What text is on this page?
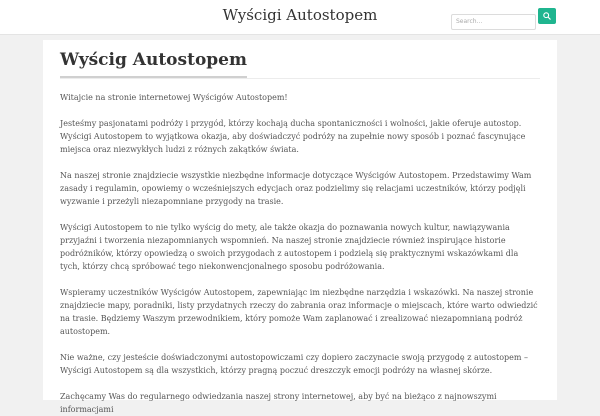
Wyścigi Autostopem
Search...
Wyścig Autostopem

Witajcie na stronie internetowej Wyścigów Autostopem!

Jesteśmy pasjonatami podróży i przygód, którzy kochają ducha spontaniczności i wolności, jakie oferuje autostop. Wyścigi Autostopem to wyjątkowa okazja, aby doświadczyć podróży na zupełnie nowy sposób i poznać fascynujące miejsca oraz niezwykłych ludzi z różnych zakątków świata.

Na naszej stronie znajdziecie wszystkie niezbędne informacje dotyczące Wyścigów Autostopem. Przedstawimy Wam zasady i regulamin, opowiemy o wcześniejszych edycjach oraz podzielimy się relacjami uczestników, którzy podjęli wyzwanie i przeżyli niezapomniane przygody na trasie.

Wyścigi Autostopem to nie tylko wyścig do mety, ale także okazja do poznawania nowych kultur, nawiązywania przyjaźni i tworzenia niezapomnianych wspomnień. Na naszej stronie znajdziecie również inspirujące historie podróżników, którzy opowiedzą o swoich przygodach z autostopem i podzielą się praktycznymi wskazówkami dla tych, którzy chcą spróbować tego niekonwencjonalnego sposobu podróżowania.

Wspieramy uczestników Wyścigów Autostopem, zapewniając im niezbędne narzędzia i wskazówki. Na naszej stronie znajdziecie mapy, poradniki, listy przydatnych rzeczy do zabrania oraz informacje o miejscach, które warto odwiedzić na trasie. Będziemy Waszym przewodnikiem, który pomoże Wam zaplanować i zrealizować niezapomnianą podróż autostopem.

Nie ważne, czy jesteście doświadczonymi autostopowiczami czy dopiero zaczynacie swoją przygodę z autostopem – Wyścigi Autostopem są dla wszystkich, którzy pragną poczuć dreszczyk emocji podróży na własnej skórze.

Zachęcamy Was do regularnego odwiedzania naszej strony internetowej, aby być na bieżąco z najnowszymi informacjami
